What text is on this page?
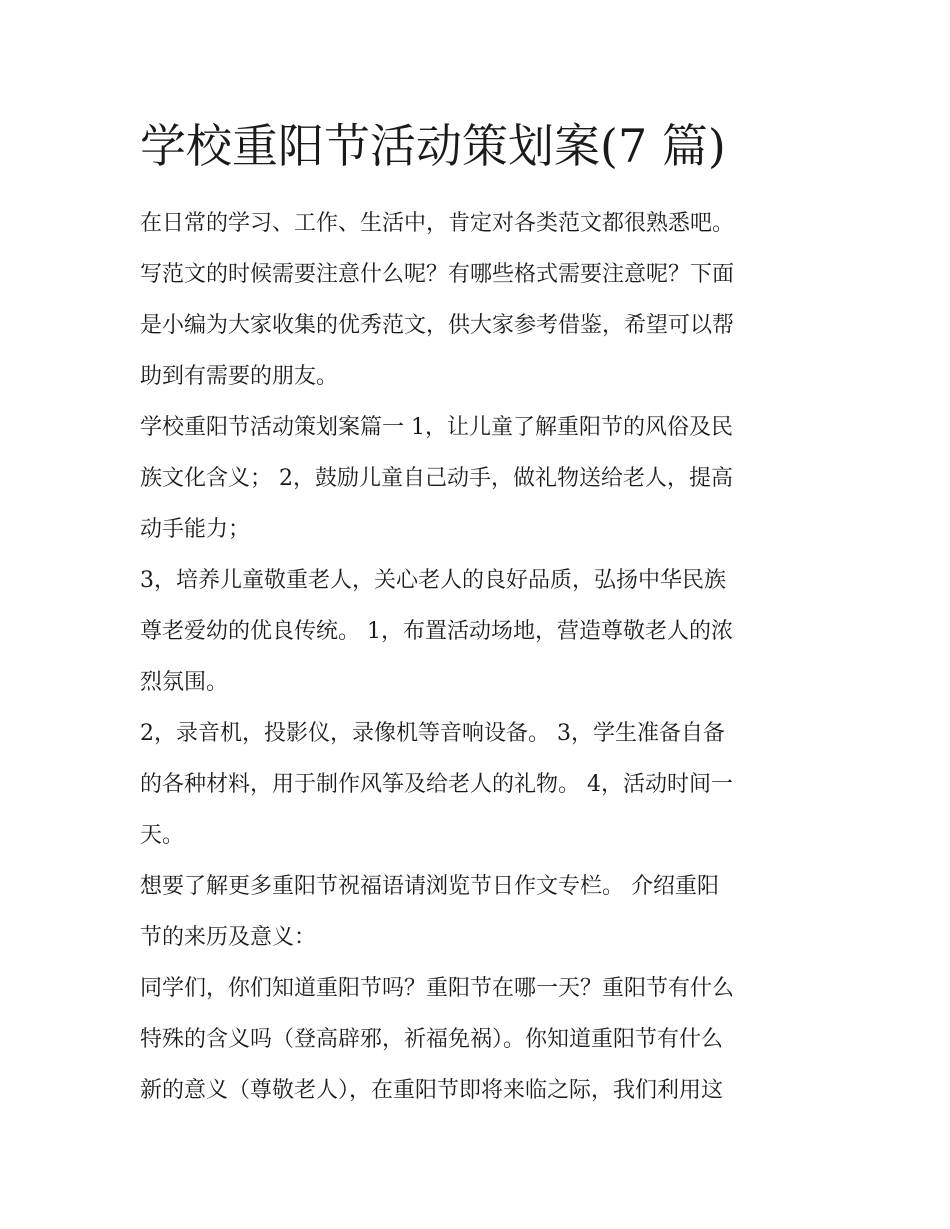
学校重阳节活动策划案(7 篇)

在日常的学习、工作、生活中，肯定对各类范文都很熟悉吧。
写范文的时候需要注意什么呢？有哪些格式需要注意呢？下面
是小编为大家收集的优秀范文，供大家参考借鉴，希望可以帮
助到有需要的朋友。

学校重阳节活动策划案篇一 1，让儿童了解重阳节的风俗及民
族文化含义； 2，鼓励儿童自己动手，做礼物送给老人，提高
动手能力；

3，培养儿童敬重老人，关心老人的良好品质，弘扬中华民族
尊老爱幼的优良传统。 1，布置活动场地，营造尊敬老人的浓
烈氛围。

2，录音机，投影仪，录像机等音响设备。 3，学生准备自备
的各种材料，用于制作风筝及给老人的礼物。 4，活动时间一
天。

想要了解更多重阳节祝福语请浏览节日作文专栏。 介绍重阳
节的来历及意义：

同学们，你们知道重阳节吗？重阳节在哪一天？重阳节有什么
特殊的含义吗（登高辟邪，祈福免祸）。你知道重阳节有什么
新的意义（尊敬老人），在重阳节即将来临之际，我们利用这
